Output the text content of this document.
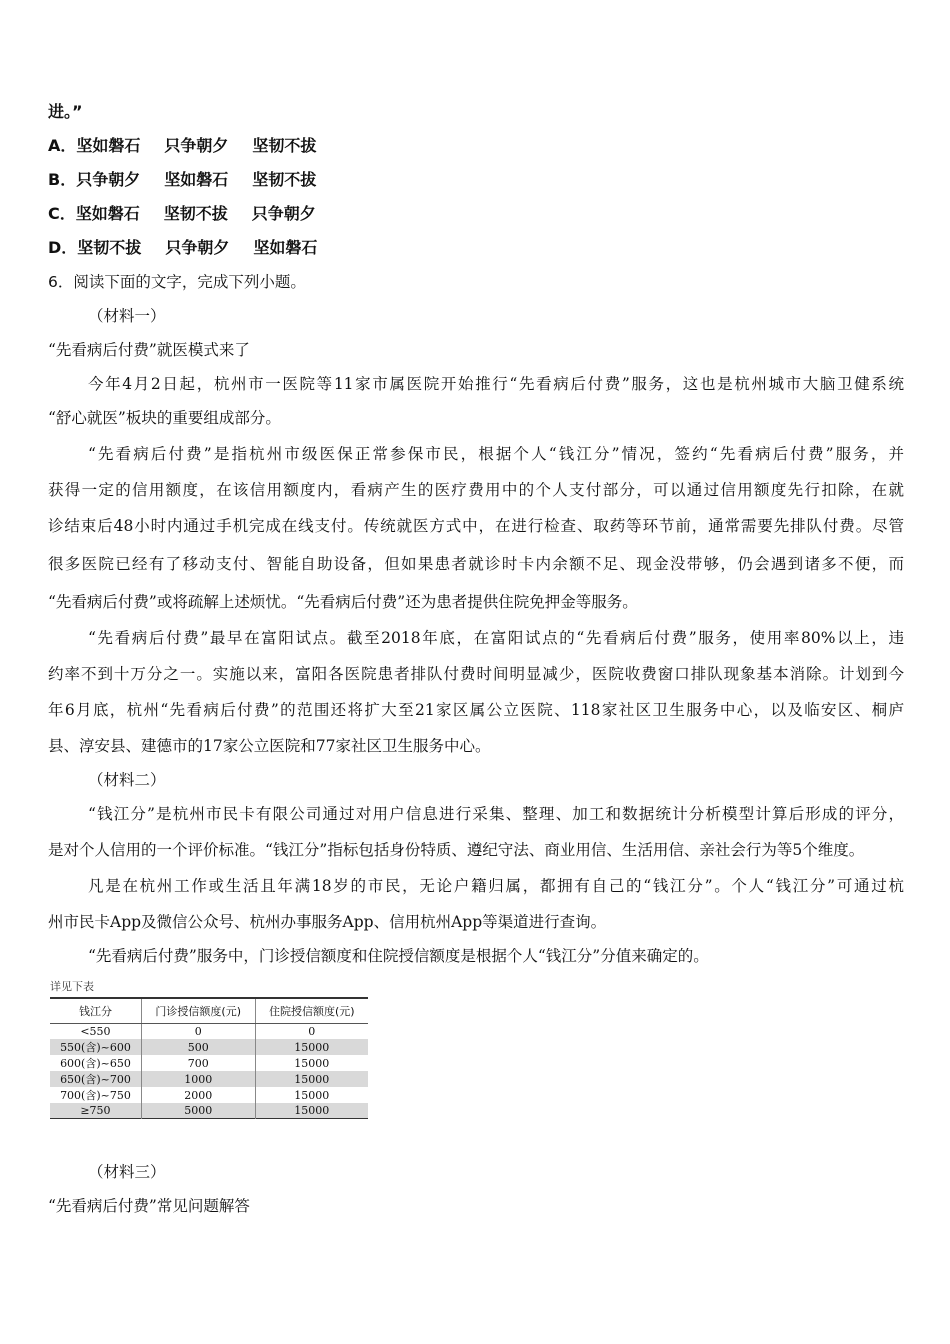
进。”
A．坚如磐石 只争朝夕 坚韧不拔
B．只争朝夕 坚如磐石 坚韧不拔
C．坚如磐石 坚韧不拔 只争朝夕
D．坚韧不拔 只争朝夕 坚如磐石
6．阅读下面的文字，完成下列小题。
（材料一）
“先看病后付费”就医模式来了
今年4月2日起，杭州市一医院等11家市属医院开始推行“先看病后付费”服务，这也是杭州城市大脑卫健系统
“舒心就医”板块的重要组成部分。
“先看病后付费”是指杭州市级医保正常参保市民，根据个人“钱江分”情况，签约“先看病后付费”服务，并
获得一定的信用额度，在该信用额度内，看病产生的医疗费用中的个人支付部分，可以通过信用额度先行扣除，在就
诊结束后48小时内通过手机完成在线支付。传统就医方式中，在进行检查、取药等环节前，通常需要先排队付费。尽管
很多医院已经有了移动支付、智能自助设备，但如果患者就诊时卡内余额不足、现金没带够，仍会遇到诸多不便，而
“先看病后付费”或将疏解上述烦忧。“先看病后付费”还为患者提供住院免押金等服务。
“先看病后付费”最早在富阳试点。截至2018年底，在富阳试点的“先看病后付费”服务，使用率80%以上，违
约率不到十万分之一。实施以来，富阳各医院患者排队付费时间明显减少，医院收费窗口排队现象基本消除。计划到今
年6月底，杭州“先看病后付费”的范围还将扩大至21家区属公立医院、118家社区卫生服务中心，以及临安区、桐庐
县、淳安县、建德市的17家公立医院和77家社区卫生服务中心。
（材料二）
“钱江分”是杭州市民卡有限公司通过对用户信息进行采集、整理、加工和数据统计分析模型计算后形成的评分，
是对个人信用的一个评价标准。“钱江分”指标包括身份特质、遵纪守法、商业用信、生活用信、亲社会行为等5个维度。
凡是在杭州工作或生活且年满18岁的市民，无论户籍归属，都拥有自己的“钱江分”。个人“钱江分”可通过杭
州市民卡App及微信公众号、杭州办事服务App、信用杭州App等渠道进行查询。
“先看病后付费”服务中，门诊授信额度和住院授信额度是根据个人“钱江分”分值来确定的。
详见下表
钱江分	门诊授信额度(元)	住院授信额度(元)
<550	0	0
550(含)~600	500	15000
600(含)~650	700	15000
650(含)~700	1000	15000
700(含)~750	2000	15000
≥750	5000	15000
（材料三）
“先看病后付费”常见问题解答
